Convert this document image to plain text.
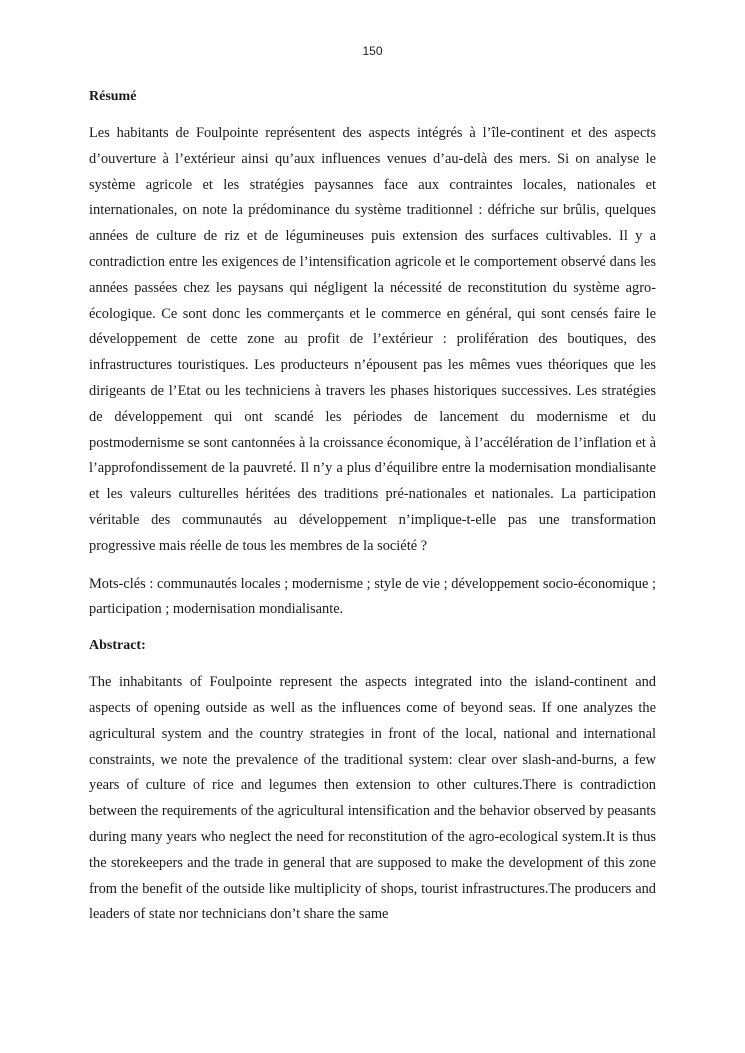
150
Résumé

Les habitants de Foulpointe représentent des aspects intégrés à l’île-continent et des aspects d’ouverture à l’extérieur ainsi qu’aux influences venues d’au-delà des mers. Si on analyse le système agricole et les stratégies paysannes face aux contraintes locales, nationales et internationales, on note la prédominance du système traditionnel : défriche sur brûlis, quelques années de culture de riz et de légumineuses puis extension des surfaces cultivables. Il y a contradiction entre les exigences de l’intensification agricole et le comportement observé dans les années passées chez les paysans qui négligent la nécessité de reconstitution du système agro-écologique. Ce sont donc les commerçants et le commerce en général, qui sont censés faire le développement de cette zone au profit de l’extérieur : prolifération des boutiques, des infrastructures touristiques. Les producteurs n’épousent pas les mêmes vues théoriques que les dirigeants de l’Etat ou les techniciens à travers les phases historiques successives. Les stratégies de développement qui ont scandé les périodes de lancement du modernisme et du postmodernisme se sont cantonnées à la croissance économique, à l’accélération de l’inflation et à l’approfondissement de la pauvreté. Il n’y a plus d’équilibre entre la modernisation mondialisante et les valeurs culturelles héritées des traditions pré-nationales et nationales. La participation véritable des communautés au développement n’implique-t-elle pas une transformation progressive mais réelle de tous les membres de la société ?

Mots-clés : communautés locales ; modernisme ; style de vie ; développement socio-économique ; participation ; modernisation mondialisante.

Abstract:

The inhabitants of Foulpointe represent the aspects integrated into the island-continent and aspects of opening outside as well as the influences come of beyond seas. If one analyzes the agricultural system and the country strategies in front of the local, national and international constraints, we note the prevalence of the traditional system: clear over slash-and-burns, a few years of culture of rice and legumes then extension to other cultures.There is contradiction between the requirements of the agricultural intensification and the behavior observed by peasants during many years who neglect the need for reconstitution of the agro-ecological system.It is thus the storekeepers and the trade in general that are supposed to make the development of this zone from the benefit of the outside like multiplicity of shops, tourist infrastructures.The producers and leaders of state nor technicians don’t share the same
